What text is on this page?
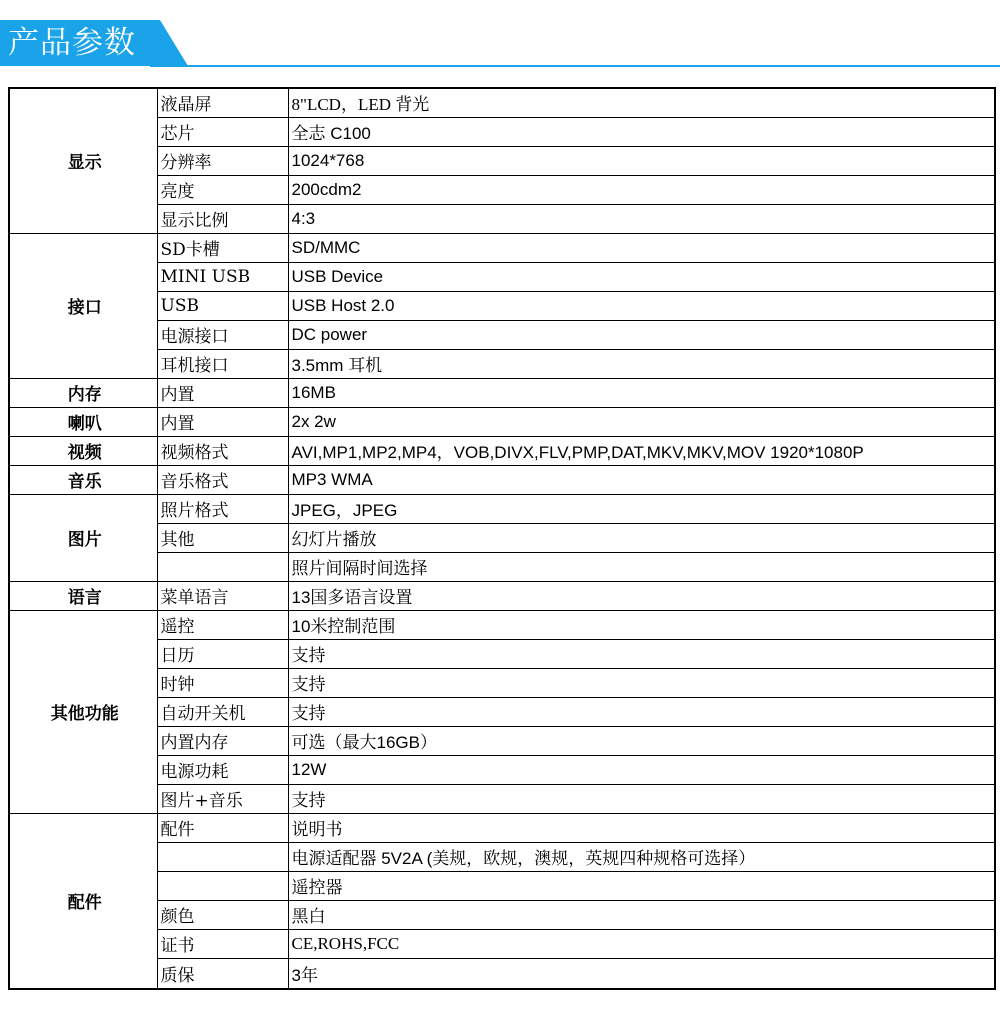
产品参数
显示	液晶屏	8"LCD，LED 背光
	芯片	全志 C100
	分辨率	1024*768
	亮度	200cdm2
	显示比例	4:3
接口	SD卡槽	SD/MMC
	MINI USB	USB Device
	USB	USB Host 2.0
	电源接口	DC power
	耳机接口	3.5mm 耳机
内存	内置	16MB
喇叭	内置	2x 2w
视频	视频格式	AVI,MP1,MP2,MP4，VOB,DIVX,FLV,PMP,DAT,MKV,MKV,MOV 1920*1080P
音乐	音乐格式	MP3 WMA
图片	照片格式	JPEG，JPEG
	其他	幻灯片播放
		照片间隔时间选择
语言	菜单语言	13国多语言设置
其他功能	遥控	10米控制范围
	日历	支持
	时钟	支持
	自动开关机	支持
	内置内存	可选（最大16GB）
	电源功耗	12W
	图片+音乐	支持
配件	配件	说明书
		电源适配器 5V2A (美规，欧规，澳规，英规四种规格可选择）
		遥控器
	颜色	黑白
	证书	CE,ROHS,FCC
	质保	3年
